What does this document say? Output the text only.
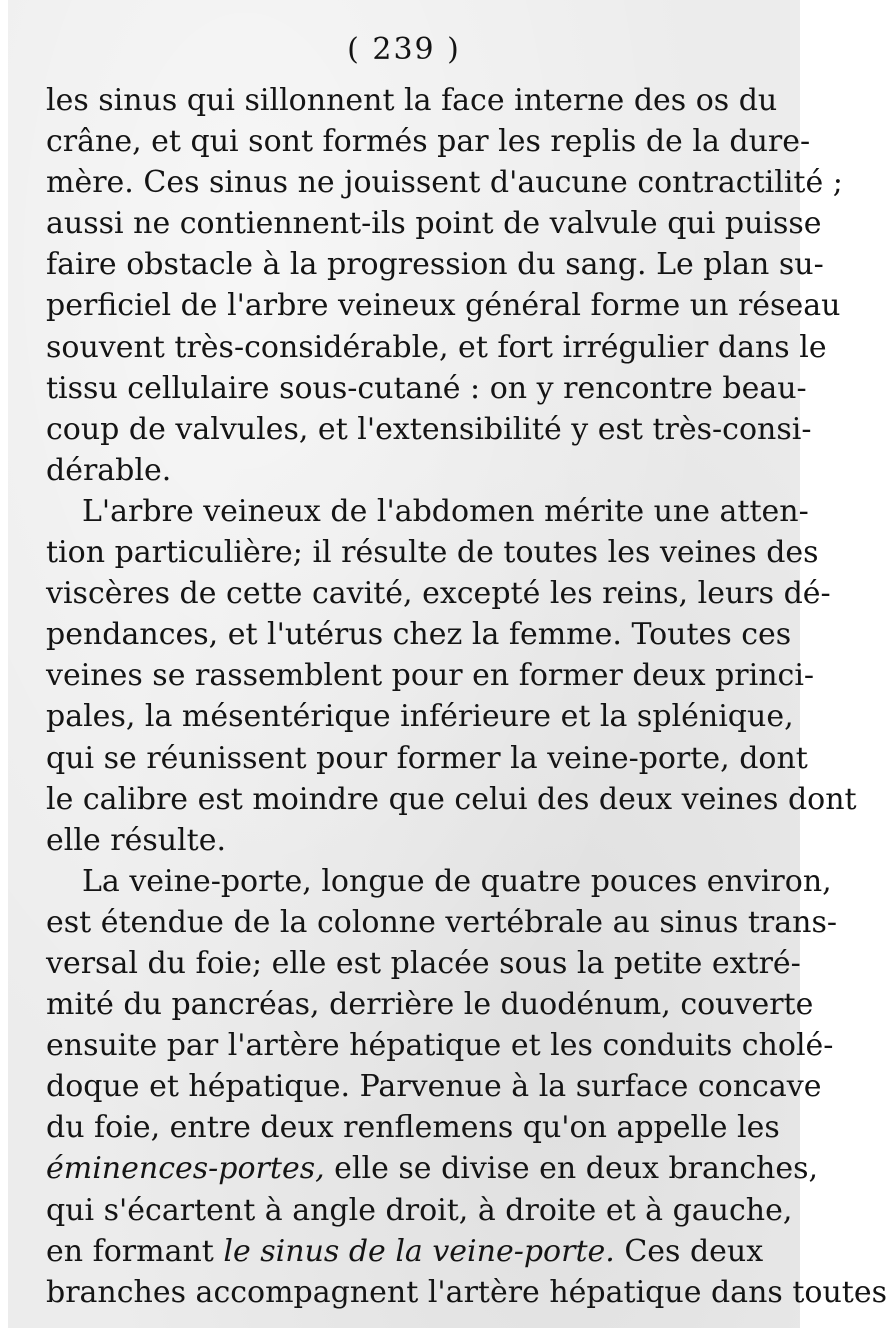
( 239 )
les sinus qui sillonnent la face interne des os du
crâne, et qui sont formés par les replis de la dure-
mère. Ces sinus ne jouissent d'aucune contractilité ;
aussi ne contiennent-ils point de valvule qui puisse
faire obstacle à la progression du sang. Le plan su-
perficiel de l'arbre veineux général forme un réseau
souvent très-considérable, et fort irrégulier dans le
tissu cellulaire sous-cutané : on y rencontre beau-
coup de valvules, et l'extensibilité y est très-consi-
dérable.
L'arbre veineux de l'abdomen mérite une atten-
tion particulière; il résulte de toutes les veines des
viscères de cette cavité, excepté les reins, leurs dé-
pendances, et l'utérus chez la femme. Toutes ces
veines se rassemblent pour en former deux princi-
pales, la mésentérique inférieure et la splénique,
qui se réunissent pour former la veine-porte, dont
le calibre est moindre que celui des deux veines dont
elle résulte.
La veine-porte, longue de quatre pouces environ,
est étendue de la colonne vertébrale au sinus trans-
versal du foie; elle est placée sous la petite extré-
mité du pancréas, derrière le duodénum, couverte
ensuite par l'artère hépatique et les conduits cholé-
doque et hépatique. Parvenue à la surface concave
du foie, entre deux renflemens qu'on appelle les
éminences-portes, elle se divise en deux branches,
qui s'écartent à angle droit, à droite et à gauche,
en formant le sinus de la veine-porte. Ces deux
branches accompagnent l'artère hépatique dans toutes
